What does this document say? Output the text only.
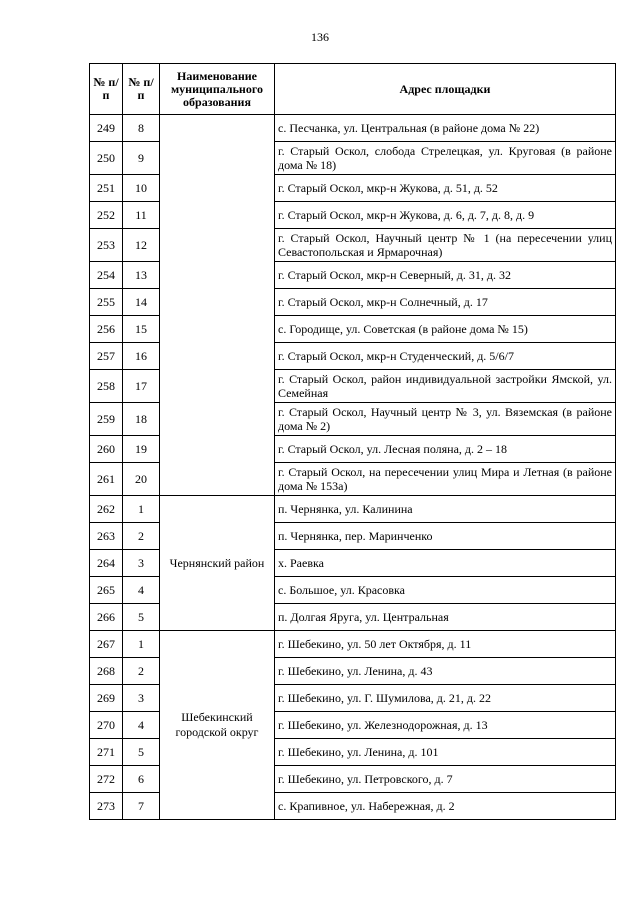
136
№ п/п	№ п/п	Наименование муниципального образования	Адрес площадки
249	8		с. Песчанка, ул. Центральная (в районе дома № 22)
250	9		г. Старый Оскол, слобода Стрелецкая, ул. Круговая (в районе дома № 18)
251	10		г. Старый Оскол, мкр-н Жукова, д. 51, д. 52
252	11		г. Старый Оскол, мкр-н Жукова, д. 6, д. 7, д. 8, д. 9
253	12		г. Старый Оскол, Научный центр № 1 (на пересечении улиц Севастопольская и Ярмарочная)
254	13		г. Старый Оскол, мкр-н Северный, д. 31, д. 32
255	14		г. Старый Оскол, мкр-н Солнечный, д. 17
256	15		с. Городище, ул. Советская (в районе дома № 15)
257	16		г. Старый Оскол, мкр-н Студенческий, д. 5/6/7
258	17		г. Старый Оскол, район индивидуальной застройки Ямской, ул. Семейная
259	18		г. Старый Оскол, Научный центр № 3, ул. Вяземская (в районе дома № 2)
260	19		г. Старый Оскол, ул. Лесная поляна, д. 2 – 18
261	20		г. Старый Оскол, на пересечении улиц Мира и Летная (в районе дома № 153а)
262	1	Чернянский район	п. Чернянка, ул. Калинина
263	2		п. Чернянка, пер. Маринченко
264	3		х. Раевка
265	4		с. Большое, ул. Красовка
266	5		п. Долгая Яруга, ул. Центральная
267	1	Шебекинский городской округ	г. Шебекино, ул. 50 лет Октября, д. 11
268	2		г. Шебекино, ул. Ленина, д. 43
269	3		г. Шебекино, ул. Г. Шумилова, д. 21, д. 22
270	4		г. Шебекино, ул. Железнодорожная, д. 13
271	5		г. Шебекино, ул. Ленина, д. 101
272	6		г. Шебекино, ул. Петровского, д. 7
273	7		с. Крапивное, ул. Набережная, д. 2
